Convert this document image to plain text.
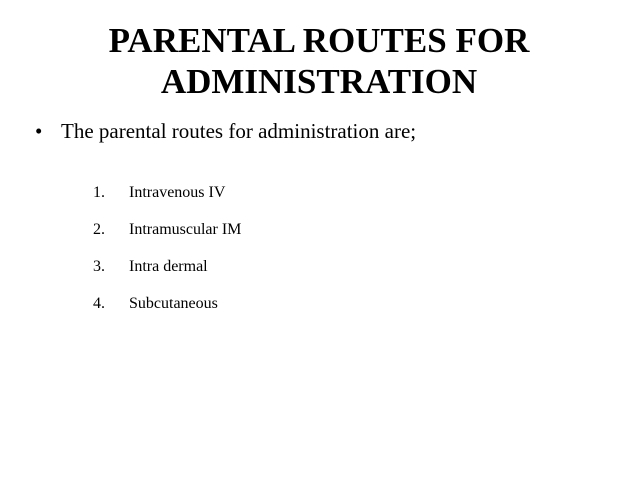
PARENTAL ROUTES FOR
ADMINISTRATION
• The parental routes for administration are;
1. Intravenous IV
2. Intramuscular IM
3. Intra dermal
4. Subcutaneous
